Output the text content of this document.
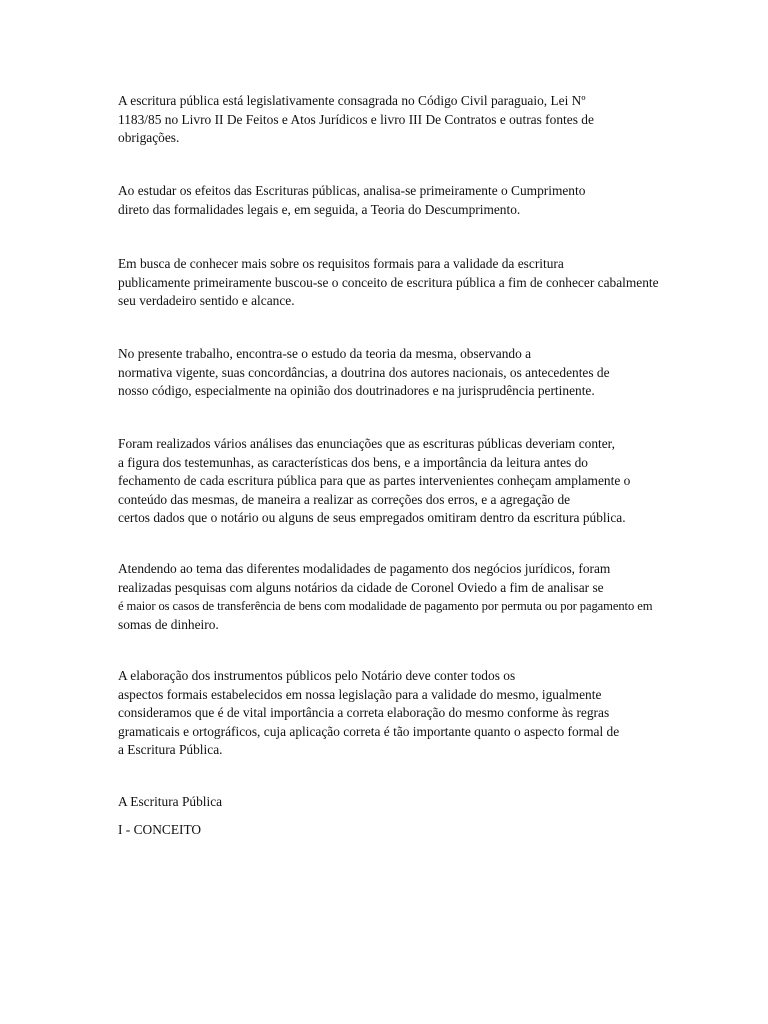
A escritura pública está legislativamente consagrada no Código Civil paraguaio, Lei Nº
1183/85 no Livro II De Feitos e Atos Jurídicos e livro III De Contratos e outras fontes de
obrigações.

Ao estudar os efeitos das Escrituras públicas, analisa-se primeiramente o Cumprimento
direto das formalidades legais e, em seguida, a Teoria do Descumprimento.

Em busca de conhecer mais sobre os requisitos formais para a validade da escritura
publicamente primeiramente buscou-se o conceito de escritura pública a fim de conhecer cabalmente
seu verdadeiro sentido e alcance.

No presente trabalho, encontra-se o estudo da teoria da mesma, observando a
normativa vigente, suas concordâncias, a doutrina dos autores nacionais, os antecedentes de
nosso código, especialmente na opinião dos doutrinadores e na jurisprudência pertinente.

Foram realizados vários análises das enunciações que as escrituras públicas deveriam conter,
a figura dos testemunhas, as características dos bens, e a importância da leitura antes do
fechamento de cada escritura pública para que as partes intervenientes conheçam amplamente o
conteúdo das mesmas, de maneira a realizar as correções dos erros, e a agregação de
certos dados que o notário ou alguns de seus empregados omitiram dentro da escritura pública.

Atendendo ao tema das diferentes modalidades de pagamento dos negócios jurídicos, foram
realizadas pesquisas com alguns notários da cidade de Coronel Oviedo a fim de analisar se
é maior os casos de transferência de bens com modalidade de pagamento por permuta ou por pagamento em
somas de dinheiro.

A elaboração dos instrumentos públicos pelo Notário deve conter todos os
aspectos formais estabelecidos em nossa legislação para a validade do mesmo, igualmente
consideramos que é de vital importância a correta elaboração do mesmo conforme às regras
gramaticais e ortográficos, cuja aplicação correta é tão importante quanto o aspecto formal de
a Escritura Pública.

A Escritura Pública
I - CONCEITO
